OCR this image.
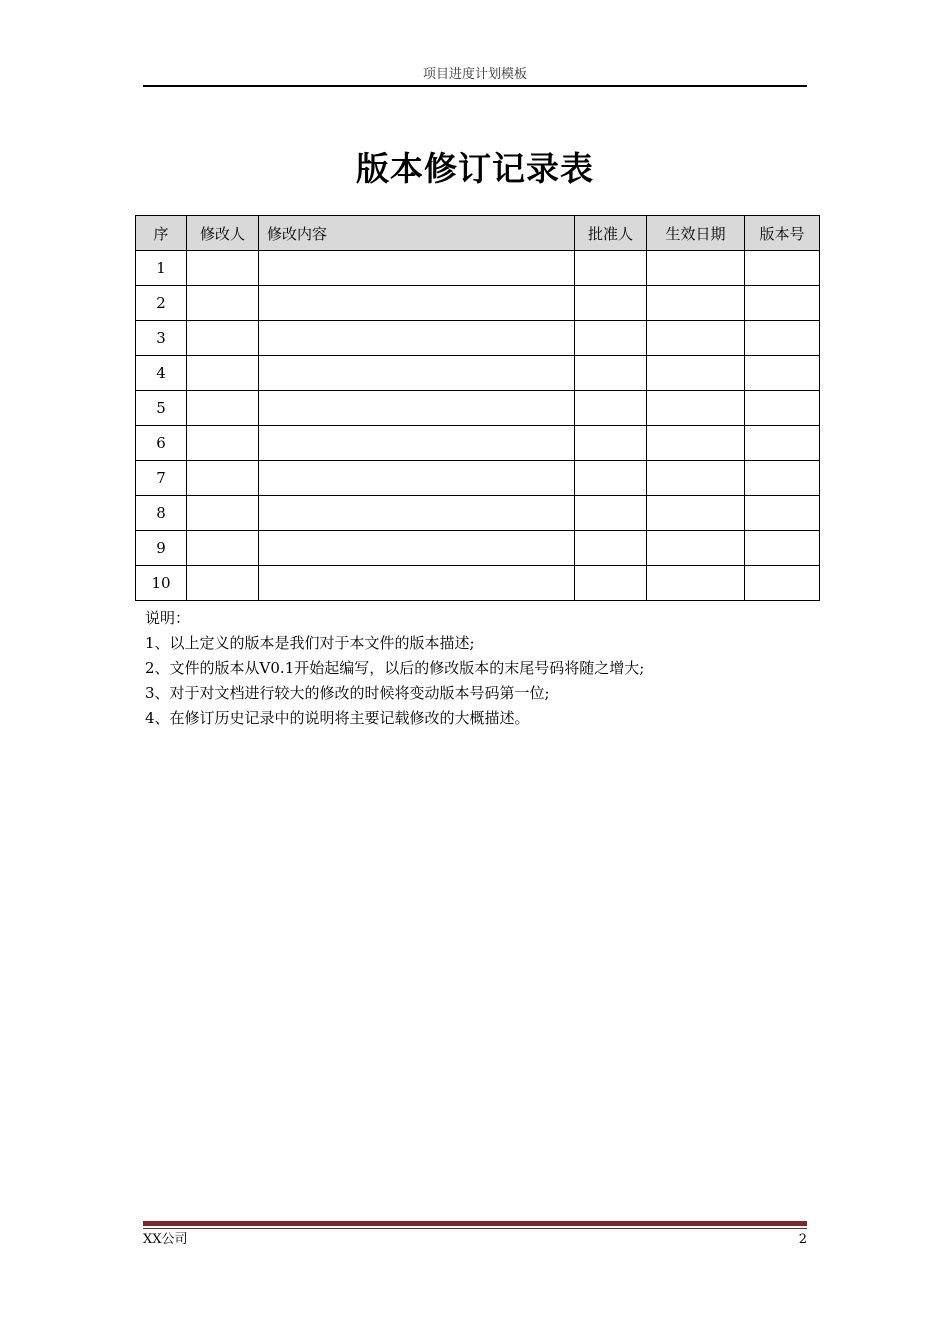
项目进度计划模板
版本修订记录表
序	修改人	修改内容	批准人	生效日期	版本号
1					
2					
3					
4					
5					
6					
7					
8					
9					
10					
说明：
1、以上定义的版本是我们对于本文件的版本描述;
2、文件的版本从V0.1开始起编写，以后的修改版本的末尾号码将随之增大;
3、对于对文档进行较大的修改的时候将变动版本号码第一位;
4、在修订历史记录中的说明将主要记载修改的大概描述。
XX公司	2
